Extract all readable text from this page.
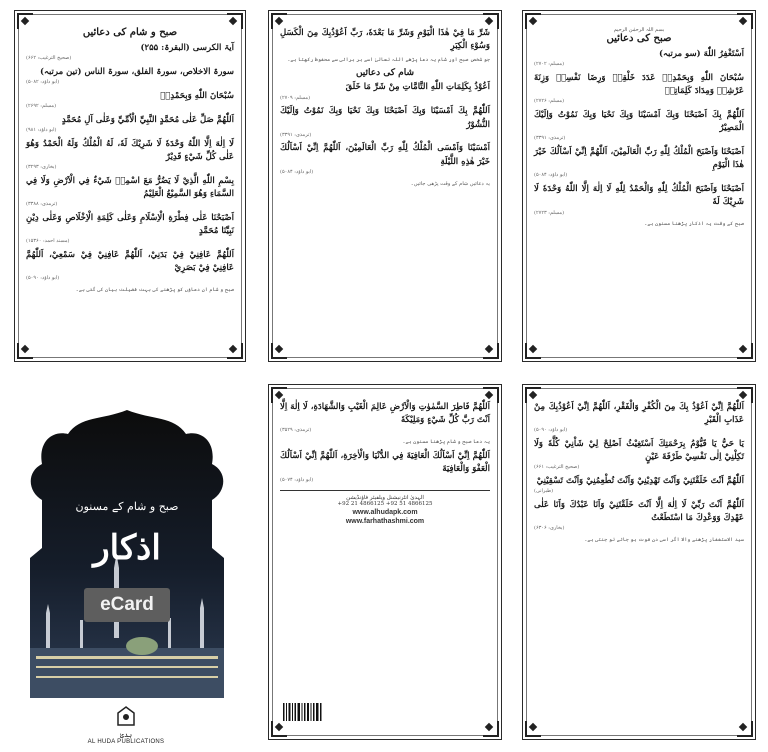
صبح و شام کی دعائیں
آیۃ الکرسی (البقرۃ: ۲۵۵)
(صحیح الترغیب: ۶۶۲)
سورۃ الاخلاص، سورۃ الفلق، سورۃ الناس (تین مرتبہ)
(ابو داؤد: ۵۰۸۲)
سُبْحَانَ اللّٰهِ وَبِحَمْدِهٖ
(مسلم: ۲۶۹۲)
اَللّٰهُمَّ صَلِّ عَلٰى مُحَمَّدٍ النَّبِيِّ الْاُمِّيِّ وَعَلٰى آلِ مُحَمَّدٍ
(ابو داؤد: ۹۸۱)
لَا اِلٰهَ اِلَّا اللّٰهُ وَحْدَهٗ لَا شَرِيْكَ لَهٗ، لَهُ الْمُلْكُ وَلَهُ الْحَمْدُ وَهُوَ عَلٰى كُلِّ شَيْءٍ قَدِيْرٌ
(بخاری: ۳۲۹۳)
بِسْمِ اللّٰهِ الَّذِيْ لَا يَضُرُّ مَعَ اسْمِهٖ شَيْءٌ فِي الْاَرْضِ وَلَا فِي السَّمَاءِ وَهُوَ السَّمِيْعُ الْعَلِيْمُ
(ترمذی: ۳۳۸۸)
اَصْبَحْنَا عَلٰى فِطْرَةِ الْاِسْلَامِ وَعَلٰى كَلِمَةِ الْاِخْلَاصِ وَعَلٰى دِيْنِ نَبِيِّنَا مُحَمَّدٍ
(مسند احمد: ۱۵۳۶۰)
اَللّٰهُمَّ عَافِنِيْ فِيْ بَدَنِيْ، اَللّٰهُمَّ عَافِنِيْ فِيْ سَمْعِيْ، اَللّٰهُمَّ عَافِنِيْ فِيْ بَصَرِيْ
(ابو داؤد: ۵۰۹۰)
صبح و شام ان دعاؤں کو پڑھنے کی بہت فضیلت بیان کی گئی ہے۔
شَرِّ مَا فِيْ هٰذَا الْيَوْمِ وَشَرِّ مَا بَعْدَهٗ، رَبِّ اَعُوْذُبِكَ مِنَ الْكَسَلِ وَسُوْءِ الْكِبَرِ
جو شخص صبح اور شام یہ دعا پڑھے اللہ تعالیٰ اسے ہر برائی سے محفوظ رکھتا ہے۔
شام کی دعائیں
اَعُوْذُ بِكَلِمَاتِ اللّٰهِ التَّامَّاتِ مِنْ شَرِّ مَا خَلَقَ
(مسلم: ۲۷۰۹)
اَللّٰهُمَّ بِكَ اَمْسَيْنَا وَبِكَ اَصْبَحْنَا وَبِكَ نَحْيَا وَبِكَ نَمُوْتُ وَاِلَيْكَ النُّشُوْرُ
(ترمذی: ۳۳۹۱)
اَمْسَيْنَا وَاَمْسَى الْمُلْكُ لِلّٰهِ رَبِّ الْعَالَمِيْنَ، اَللّٰهُمَّ اِنِّيْ اَسْاَلُكَ خَيْرَ هٰذِهِ اللَّيْلَةِ
(ابو داؤد: ۵۰۸۴)
یہ دعائیں شام کے وقت پڑھی جائیں۔
بسم اللہ الرحمٰن الرحیم
صبح کی دعائیں
اَسْتَغْفِرُ اللّٰهَ (سو مرتبہ)
(مسلم: ۲۷۰۲)
سُبْحَانَ اللّٰهِ وَبِحَمْدِهٖ عَدَدَ خَلْقِهٖ وَرِضَا نَفْسِهٖ وَزِنَةَ عَرْشِهٖ وَمِدَادَ كَلِمَاتِهٖ
(مسلم: ۲۷۲۶)
اَللّٰهُمَّ بِكَ اَصْبَحْنَا وَبِكَ اَمْسَيْنَا وَبِكَ نَحْيَا وَبِكَ نَمُوْتُ وَاِلَيْكَ الْمَصِيْرُ
(ترمذی: ۳۳۹۱)
اَصْبَحْنَا وَاَصْبَحَ الْمُلْكُ لِلّٰهِ رَبِّ الْعَالَمِيْنَ، اَللّٰهُمَّ اِنِّيْ اَسْاَلُكَ خَيْرَ هٰذَا الْيَوْمِ
(ابو داؤد: ۵۰۸۴)
اَصْبَحْنَا وَاَصْبَحَ الْمُلْكُ لِلّٰهِ وَالْحَمْدُ لِلّٰهِ لَا اِلٰهَ اِلَّا اللّٰهُ وَحْدَهٗ لَا شَرِيْكَ لَهٗ
(مسلم: ۲۷۲۳)
صبح کے وقت یہ اذکار پڑھنا مسنون ہے۔
صبح و شام کے مسنون
اذکار
eCard
ہدیٰ
AL HUDA PUBLICATIONS
اَللّٰهُمَّ فَاطِرَ السَّمٰوٰتِ وَالْاَرْضِ عَالِمَ الْغَيْبِ وَالشَّهَادَةِ، لَا اِلٰهَ اِلَّا اَنْتَ رَبَّ كُلِّ شَيْءٍ وَمَلِيْكَهٗ
(ترمذی: ۳۵۲۹)
یہ دعا صبح و شام پڑھنا مسنون ہے۔
اَللّٰهُمَّ اِنِّيْ اَسْاَلُكَ الْعَافِيَةَ فِي الدُّنْيَا وَالْاٰخِرَةِ، اَللّٰهُمَّ اِنِّيْ اَسْاَلُكَ الْعَفْوَ وَالْعَافِيَةَ
(ابو داؤد: ۵۰۷۴)
الہدیٰ انٹرنیشنل ویلفیئر فاؤنڈیشن
+92 21 4866125 +92 51 4866125
www.alhudapk.com
www.farhathashmi.com
اَللّٰهُمَّ اِنِّيْ اَعُوْذُ بِكَ مِنَ الْكُفْرِ وَالْفَقْرِ، اَللّٰهُمَّ اِنِّيْ اَعُوْذُبِكَ مِنْ عَذَابِ الْقَبْرِ
(ابو داؤد: ۵۰۹۰)
يَا حَيُّ يَا قَيُّوْمُ بِرَحْمَتِكَ اَسْتَغِيْثُ اَصْلِحْ لِيْ شَاْنِيْ كُلَّهٗ وَلَا تَكِلْنِيْ اِلٰى نَفْسِيْ طَرْفَةَ عَيْنٍ
(صحیح الترغیب: ۶۶۱)
اَللّٰهُمَّ اَنْتَ خَلَقْتَنِيْ وَاَنْتَ تَهْدِيْنِيْ وَاَنْتَ تُطْعِمُنِيْ وَاَنْتَ تَسْقِيْنِيْ
(طبرانی)
اَللّٰهُمَّ اَنْتَ رَبِّيْ لَا اِلٰهَ اِلَّا اَنْتَ خَلَقْتَنِيْ وَاَنَا عَبْدُكَ وَاَنَا عَلٰى عَهْدِكَ وَوَعْدِكَ مَا اسْتَطَعْتُ
(بخاری: ۶۳۰۶)
سید الاستغفار پڑھنے والا اگر اسی دن فوت ہو جائے تو جنتی ہے۔
